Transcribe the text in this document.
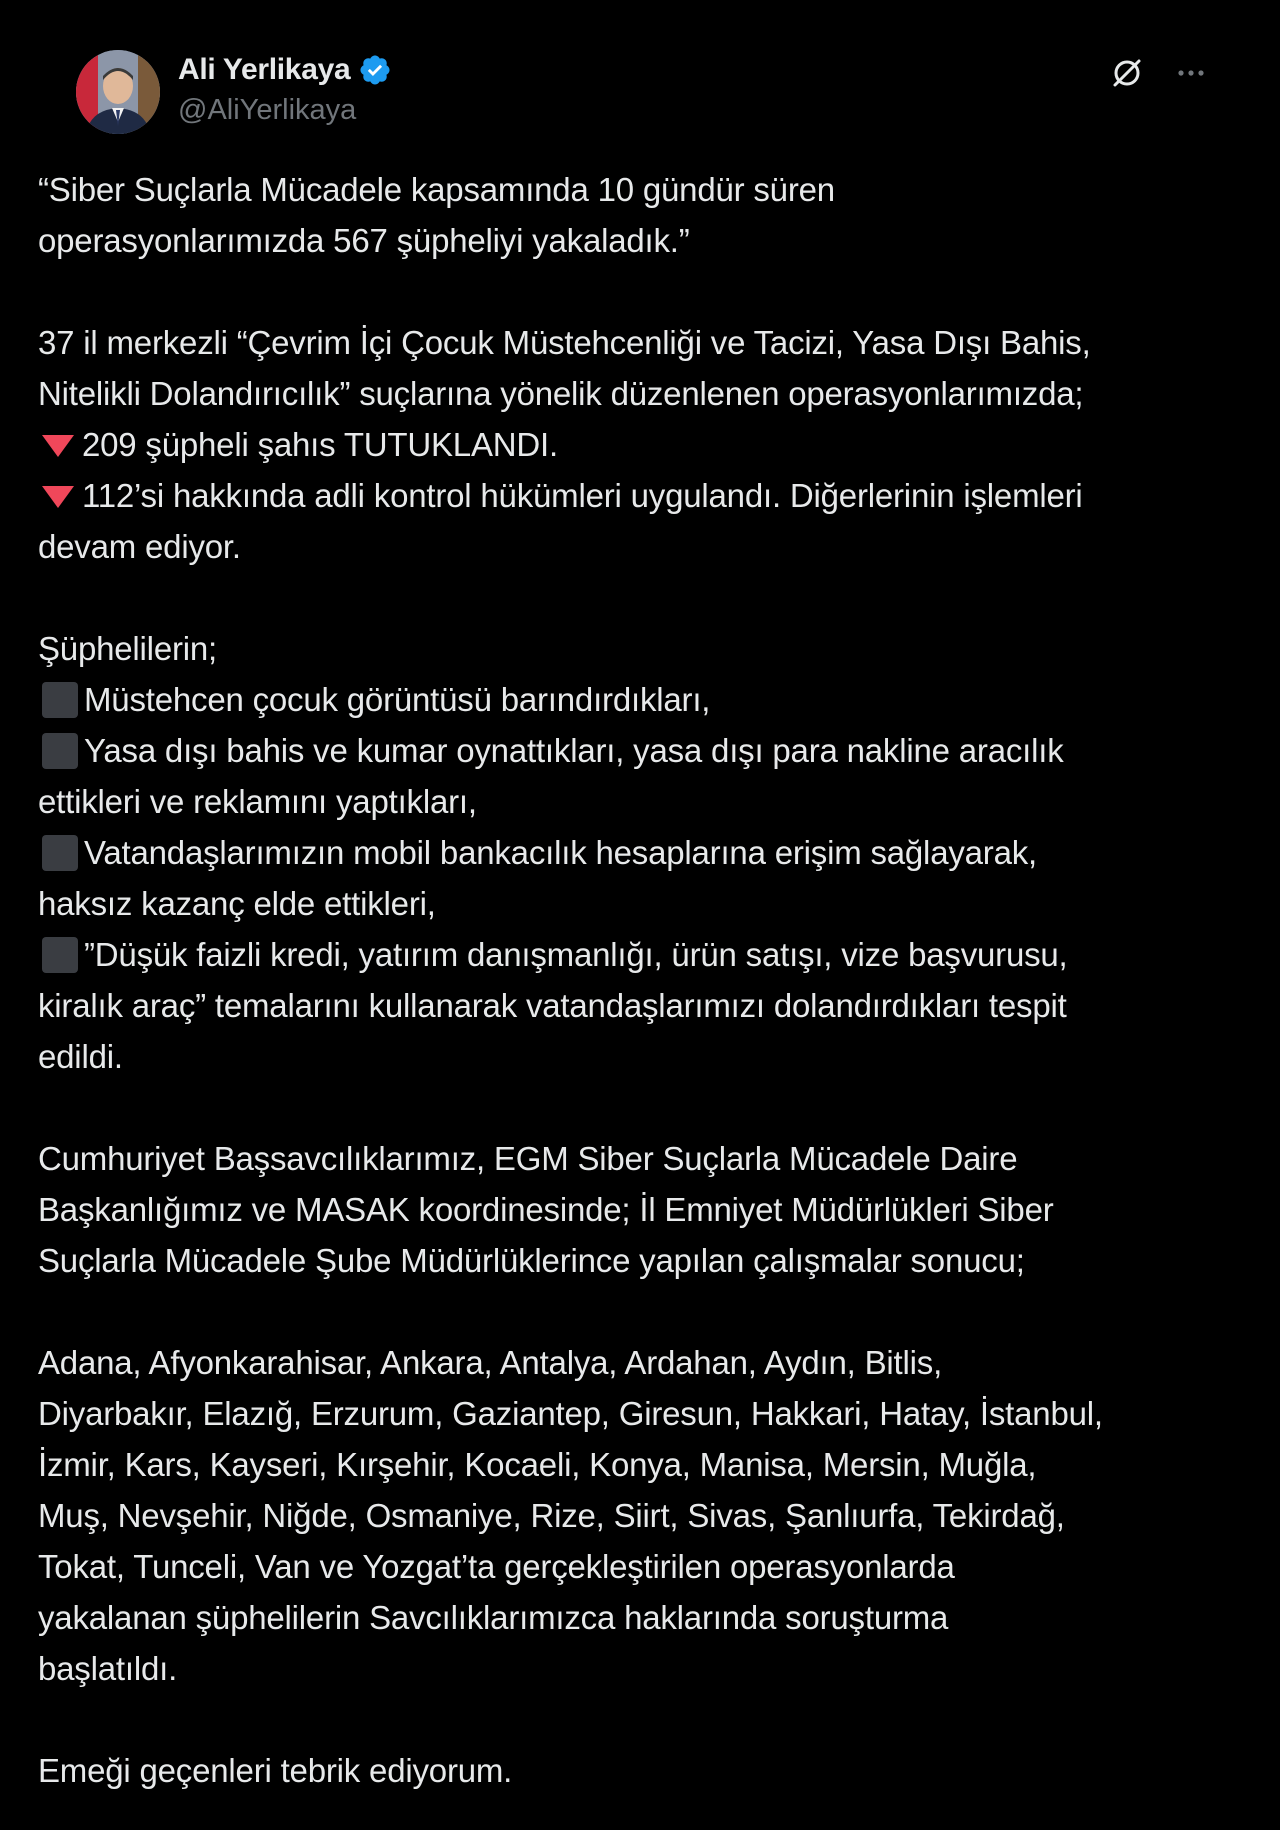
Ali Yerlikaya
@AliYerlikaya

“Siber Suçlarla Mücadele kapsamında 10 gündür süren
operasyonlarımızda 567 şüpheliyi yakaladık.”

37 il merkezli “Çevrim İçi Çocuk Müstehcenliği ve Tacizi, Yasa Dışı Bahis,
Nitelikli Dolandırıcılık” suçlarına yönelik düzenlenen operasyonlarımızda;
209 şüpheli şahıs TUTUKLANDI.
112’si hakkında adli kontrol hükümleri uygulandı. Diğerlerinin işlemleri
devam ediyor.

Şüphelilerin;
Müstehcen çocuk görüntüsü barındırdıkları,
Yasa dışı bahis ve kumar oynattıkları, yasa dışı para nakline aracılık
ettikleri ve reklamını yaptıkları,
Vatandaşlarımızın mobil bankacılık hesaplarına erişim sağlayarak,
haksız kazanç elde ettikleri,
”Düşük faizli kredi, yatırım danışmanlığı, ürün satışı, vize başvurusu,
kiralık araç” temalarını kullanarak vatandaşlarımızı dolandırdıkları tespit
edildi.

Cumhuriyet Başsavcılıklarımız, EGM Siber Suçlarla Mücadele Daire
Başkanlığımız ve MASAK koordinesinde; İl Emniyet Müdürlükleri Siber
Suçlarla Mücadele Şube Müdürlüklerince yapılan çalışmalar sonucu;

Adana, Afyonkarahisar, Ankara, Antalya, Ardahan, Aydın, Bitlis,
Diyarbakır, Elazığ, Erzurum, Gaziantep, Giresun, Hakkari, Hatay, İstanbul,
İzmir, Kars, Kayseri, Kırşehir, Kocaeli, Konya, Manisa, Mersin, Muğla,
Muş, Nevşehir, Niğde, Osmaniye, Rize, Siirt, Sivas, Şanlıurfa, Tekirdağ,
Tokat, Tunceli, Van ve Yozgat’ta gerçekleştirilen operasyonlarda
yakalanan şüphelilerin Savcılıklarımızca haklarında soruşturma
başlatıldı.

Emeği geçenleri tebrik ediyorum.
